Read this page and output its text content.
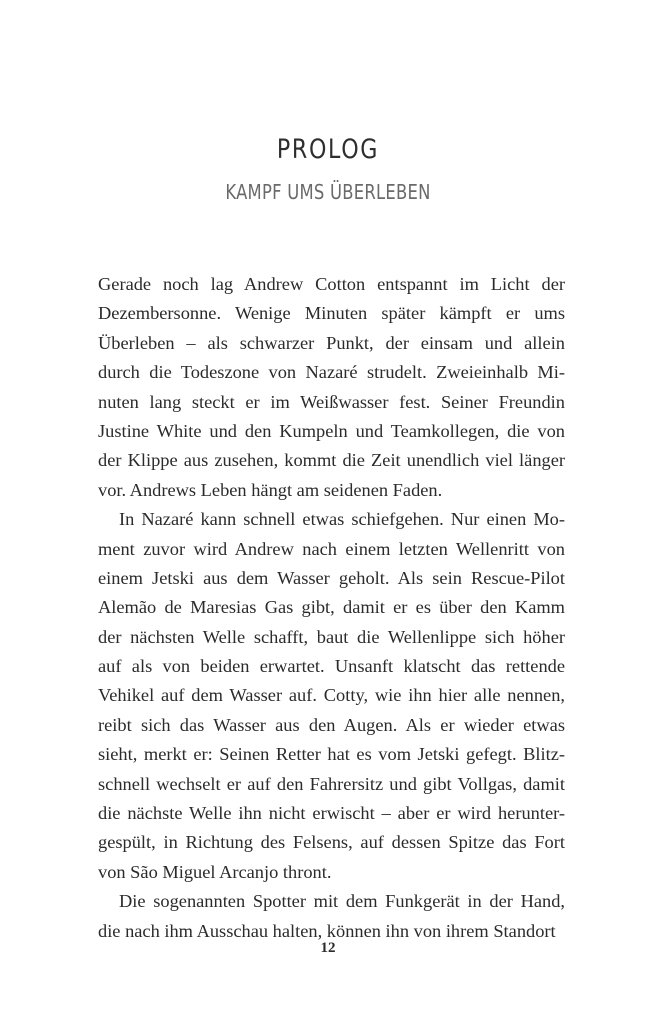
PROLOG
KAMPF UMS ÜBERLEBEN
Gerade noch lag Andrew Cotton entspannt im Licht der
Dezembersonne. Wenige Minuten später kämpft er ums
Überleben – als schwarzer Punkt, der einsam und allein
durch die Todeszone von Nazaré strudelt. Zweieinhalb Mi-
nuten lang steckt er im Weißwasser fest. Seiner Freundin
Justine White und den Kumpeln und Teamkollegen, die von
der Klippe aus zusehen, kommt die Zeit unendlich viel länger
vor. Andrews Leben hängt am seidenen Faden.
In Nazaré kann schnell etwas schiefgehen. Nur einen Mo-
ment zuvor wird Andrew nach einem letzten Wellenritt von
einem Jetski aus dem Wasser geholt. Als sein Rescue-Pilot
Alemão de Maresias Gas gibt, damit er es über den Kamm
der nächsten Welle schafft, baut die Wellenlippe sich höher
auf als von beiden erwartet. Unsanft klatscht das rettende
Vehikel auf dem Wasser auf. Cotty, wie ihn hier alle nennen,
reibt sich das Wasser aus den Augen. Als er wieder etwas
sieht, merkt er: Seinen Retter hat es vom Jetski gefegt. Blitz-
schnell wechselt er auf den Fahrersitz und gibt Vollgas, damit
die nächste Welle ihn nicht erwischt – aber er wird herunter-
gespült, in Richtung des Felsens, auf dessen Spitze das Fort
von São Miguel Arcanjo thront.
Die sogenannten Spotter mit dem Funkgerät in der Hand,
die nach ihm Ausschau halten, können ihn von ihrem Standort
12
